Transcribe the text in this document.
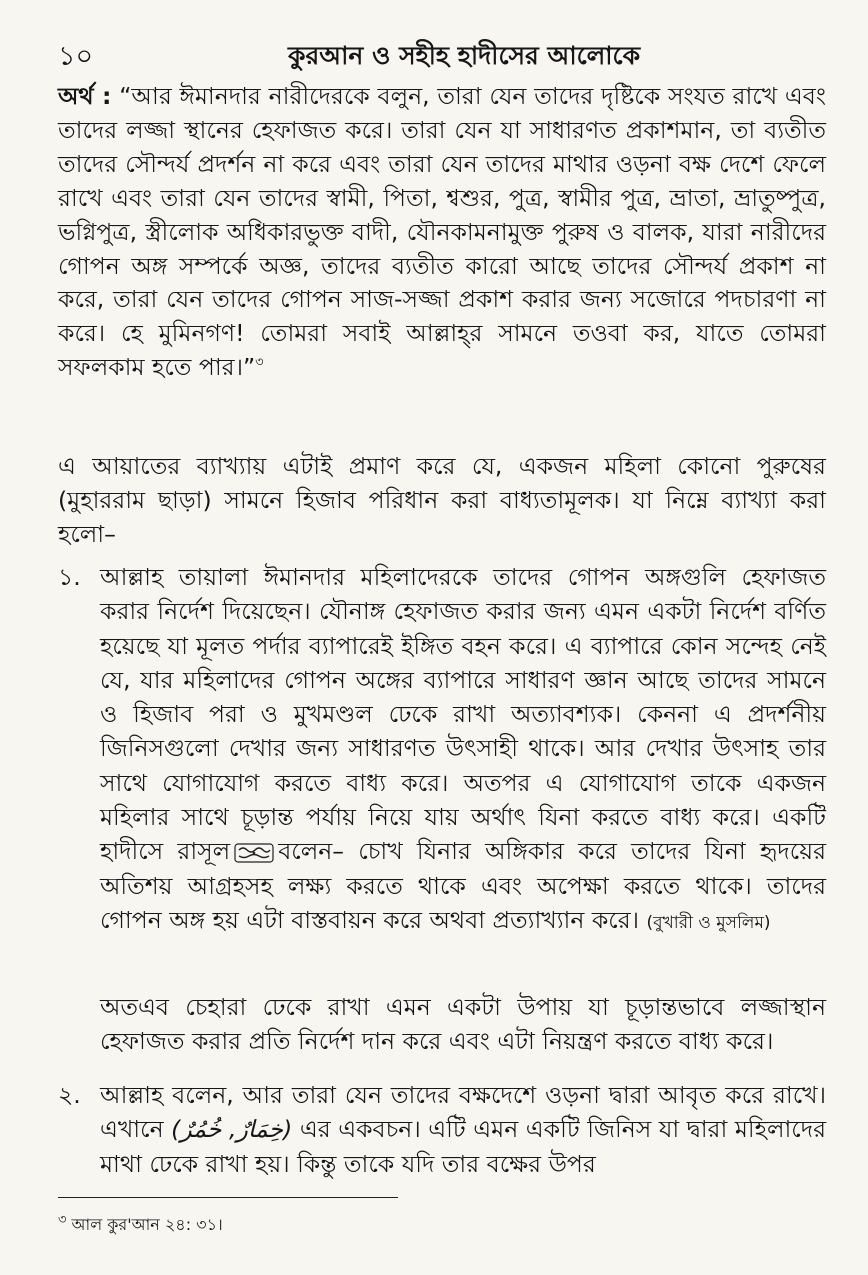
১০	কুরআন ও সহীহ হাদীসের আলোকে
অর্থ : “আর ঈমানদার নারীদেরকে বলুন, তারা যেন তাদের দৃষ্টিকে সংযত রাখে এবং তাদের লজ্জা স্থানের হেফাজত করে। তারা যেন যা সাধারণত প্রকাশমান, তা ব্যতীত তাদের সৌন্দর্য প্রদর্শন না করে এবং তারা যেন তাদের মাথার ওড়না বক্ষ দেশে ফেলে রাখে এবং তারা যেন তাদের স্বামী, পিতা, শ্বশুর, পুত্র, স্বামীর পুত্র, ভ্রাতা, ভ্রাতুষ্পুত্র, ভগ্নিপুত্র, স্ত্রীলোক অধিকারভুক্ত বাদী, যৌনকামনামুক্ত পুরুষ ও বালক, যারা নারীদের গোপন অঙ্গ সম্পর্কে অজ্ঞ, তাদের ব্যতীত কারো আছে তাদের সৌন্দর্য প্রকাশ না করে, তারা যেন তাদের গোপন সাজ-সজ্জা প্রকাশ করার জন্য সজোরে পদচারণা না করে। হে মুমিনগণ! তোমরা সবাই আল্লাহ্‌র সামনে তওবা কর, যাতে তোমরা সফলকাম হতে পার।”$^৩$
এ আয়াতের ব্যাখ্যায় এটাই প্রমাণ করে যে, একজন মহিলা কোনো পুরুষের (মুহাররাম ছাড়া) সামনে হিজাব পরিধান করা বাধ্যতামূলক। যা নিম্নে ব্যাখ্যা করা হলো–
১. আল্লাহ তায়ালা ঈমানদার মহিলাদেরকে তাদের গোপন অঙ্গগুলি হেফাজত করার নির্দেশ দিয়েছেন। যৌনাঙ্গ হেফাজত করার জন্য এমন একটা নির্দেশ বর্ণিত হয়েছে যা মূলত পর্দার ব্যাপারেই ইঙ্গিত বহন করে। এ ব্যাপারে কোন সন্দেহ নেই যে, যার মহিলাদের গোপন অঙ্গের ব্যাপারে সাধারণ জ্ঞান আছে তাদের সামনে ও হিজাব পরা ও মুখমণ্ডল ঢেকে রাখা অত্যাবশ্যক। কেননা এ প্রদর্শনীয় জিনিসগুলো দেখার জন্য সাধারণত উৎসাহী থাকে। আর দেখার উৎসাহ তার সাথে যোগাযোগ করতে বাধ্য করে। অতপর এ যোগাযোগ তাকে একজন মহিলার সাথে চূড়ান্ত পর্যায় নিয়ে যায় অর্থাৎ যিনা করতে বাধ্য করে। একটি হাদীসে রাসূল বলেন– চোখ যিনার অঙ্গিকার করে তাদের যিনা হৃদয়ের অতিশয় আগ্রহসহ লক্ষ্য করতে থাকে এবং অপেক্ষা করতে থাকে। তাদের গোপন অঙ্গ হয় এটা বাস্তবায়ন করে অথবা প্রত্যাখ্যান করে। (বুখারী ও মুসলিম)
অতএব চেহারা ঢেকে রাখা এমন একটা উপায় যা চূড়ান্তভাবে লজ্জাস্থান হেফাজত করার প্রতি নির্দেশ দান করে এবং এটা নিয়ন্ত্রণ করতে বাধ্য করে।
২. আল্লাহ বলেন, আর তারা যেন তাদের বক্ষদেশে ওড়না দ্বারা আবৃত করে রাখে। এখানে (خِمَارٌ, خُمُرٌ) এর একবচন। এটি এমন একটি জিনিস যা দ্বারা মহিলাদের মাথা ঢেকে রাখা হয়। কিন্তু তাকে যদি তার বক্ষের উপর
$^৩$ আল কুর'আন ২৪: ৩১।
